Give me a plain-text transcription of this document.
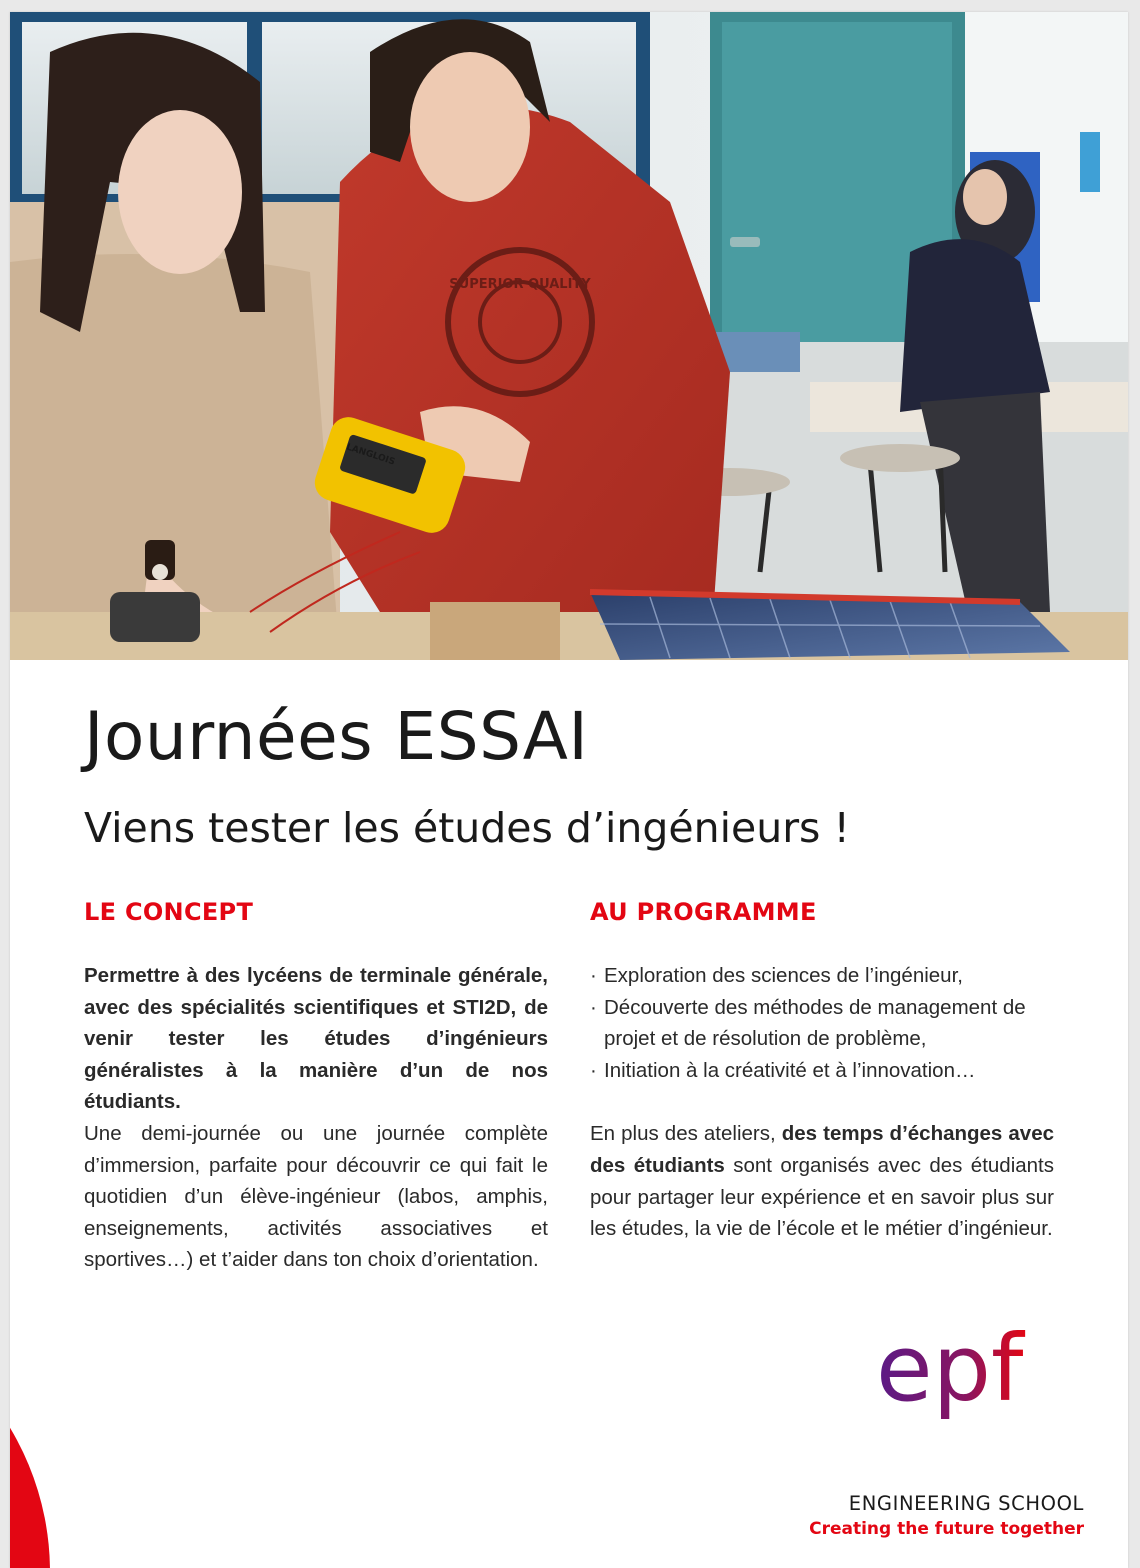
SUPERIOR QUALITY
LANGLOIS
Journées ESSAI
Viens tester les études d’ingénieurs !
LE CONCEPT

Permettre à des lycéens de terminale générale, avec des spécialités scientifiques et STI2D, de venir tester les études d’ingénieurs généralistes à la manière d’un de nos étudiants.

Une demi-journée ou une journée complète d’immersion, parfaite pour découvrir ce qui fait le quotidien d’un élève-ingénieur (labos, amphis, enseignements, activités associatives et sportives…) et t’aider dans ton choix d’orientation.

AU PROGRAMME
· Exploration des sciences de l’ingénieur,
· Découverte des méthodes de management de projet et de résolution de problème,
· Initiation à la créativité et à l’innovation…

En plus des ateliers, des temps d’échanges avec des étudiants sont organisés avec des étudiants pour partager leur expérience et en savoir plus sur les études, la vie de l’école et le métier d’ingénieur.

epf
ENGINEERING SCHOOL
Creating the future together
